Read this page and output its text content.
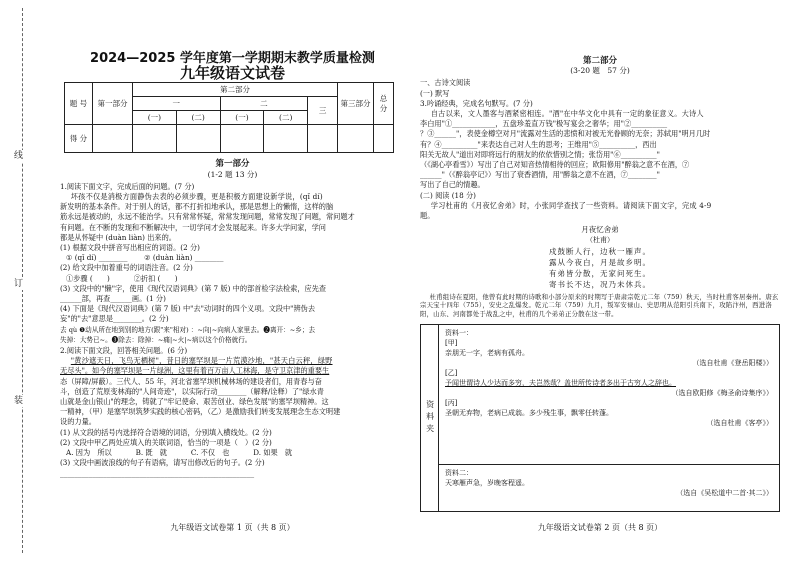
线
订
装
2024—2025 学年度第一学期期末教学质量检测
九年级语文试卷
题 号	第一部分	第二部分					第三部分	总 分
		一		二		三		
		(一)	(二)	(一)	(二)			
得 分								
第一部分
(1-2 题 13 分)
1.阅读下面文字，完成后面的问题。(7 分)
坏孩不仅是消极方面静伪去表的必须步骤，更是积极方面建设新学说，(qǐ dí)
新发明的基本条件。对于别人的话，都不打折扣地承认，那是思想上的懒惰，这样的脑
筋永远是被动的，永远不能治学。只有常常怀疑，常常发现问题，常常发现了问题，常问题才
有问题。在不断的发现和不断解决中，一切学问才会发展起来。许多大学问家，学问
都是从怀疑中 (duàn liàn) 出来的。
(1) 根据文段中拼音写出相应的词语。(2 分)
① (qǐ dí) ________　　 ② (duàn liàn) ________
(2) 给文段中加着重号的词语注音。(2 分)
①步骤 (　　)　　　 ②折扣 (　　)
(3) 文段中的"懒"字，使用《现代汉语词典》(第 7 版) 中的部首检字法检索，应先查
______部，再查______画。(1 分)
(4) 下面是《现代汉语词典》(第 7 版) 中"去"动词时的四个义项。文段中"辨伪去
妄"的"去"意思是________。(2 分)
去 qù ❶动从所在地到别的地方(跟"来"相对) ：~向|~向病人家里去。❷离开：~乡；去
失掉：大势已~。❸除去：除掉：~痛|~火|~病以这个价格就行。
2.阅读下面文段，回答相关问题。(6 分)
"黄沙遮天日，飞鸟无栖树"，昔日的塞罕坝是一片荒漠沙地，"甚天白云秤，绿野
无尽头"。如今的塞罕坝是一片绿洲，这里有着百万亩人工林海，是守卫京津的重要生
态（屏障/屏蔽）。三代人、55 年，河北省塞罕坝机械林场的建设者们，用青春与奋
斗，创造了荒原变林海的"人间奇迹"，以实际行动________（解释/诠释）了"绿水青
山就是金山银山"的理念，铸就了"牢记使命、艰苦创业、绿色发展"的塞罕坝精神。这
一精神，（甲）是塞罕坝筑梦实践的核心密码，（乙）是激励我们转变发展理念生态文明建
设的力量。
(1) 从文段的括号内选择符合语境的词语，分别填入横线处。(2 分)
(2) 文段中甲乙两处应填入的关联词语，恰当的一项是（　）(2 分)
A. 因为　所以　　　	B. 既　就　　　	C. 不仅　也　　　	D. 如果　就
(3) 文段中画波浪线的句子有语病，请写出修改后的句子。(2 分)
______________________________________________________
九年级语文试卷第 1 页（共 8 页）
第二部分
(3-20 题　57 分)
一、古诗文阅读
(一) 默写
3.吟诵经典，完成名句默写。(7 分)
自古以来，文人墨客与酒紧密相连。"酒"在中华文化中具有一定的象征意义。大诗人
李白用"①____________，五盘珍羞直万钱"极写宴会之奢华；用"②__________
？③______"，表使金樽空对月"流露对生活的悲愤和对被无光眷顾的无奈；苏轼用"明月几时
有？④__________"来表达自己对人生的思考；王维用"⑤__________，西出
阳关无故人"道出对即将远行的朋友的依依惜别之情；张岱用"⑥__________"
（《湖心亭看雪》）写出了自己对知音热情相待的回应；欧阳修用"醉翁之意不在酒，⑦
______"（《醉翁亭记》）写出了衰香酒情，用"醉翁之意不在酒，⑦________"
写出了自己的情趣。
(二) 阅读 (18 分)
学习杜甫的《月夜忆舍弟》时，小张同学查找了一些资料。请阅读下面文字，完成 4-9
题。
月夜忆舍弟
（杜甫）
戍鼓断人行，边秋一雁声。
露从今夜白，月是故乡明。
有弟皆分散，无家问死生。
寄书长不达，况乃未休兵。
杜甫组诗在夏阳，他曾有此时期的诗歌和小部分原来的时期写于唐肃宗乾元二年（759）秋天，当时杜甫客居秦州。唐玄宗天宝十四年（755），安史之乱爆发。乾元二年（759）九月，叛军安禄山、史思明从范阳引兵南下，攻陷汴州，西进洛阳，山东、河南都处于战乱之中，杜甫的几个弟弟正分散在这一带。
资料夹
资料一：
[甲]
亲朋无一字，老病有孤舟。
（选自杜甫《登岳阳楼》）
[乙]
予闻世谓诗人少达而多穷，夫岂然哉？盖世所传诗者多出于古穷人之辞也。
（选自欧阳修《梅圣俞诗集序》）
[丙]
圣朝无弃物，老病已成翁。多少残生事，飘零任转蓬。
（选自杜甫《客亭》）
资料二：
天寒雁声急，岁晚客程遥。
（选自《吴松道中二首·其二》）
九年级语文试卷第 2 页（共 8 页）
